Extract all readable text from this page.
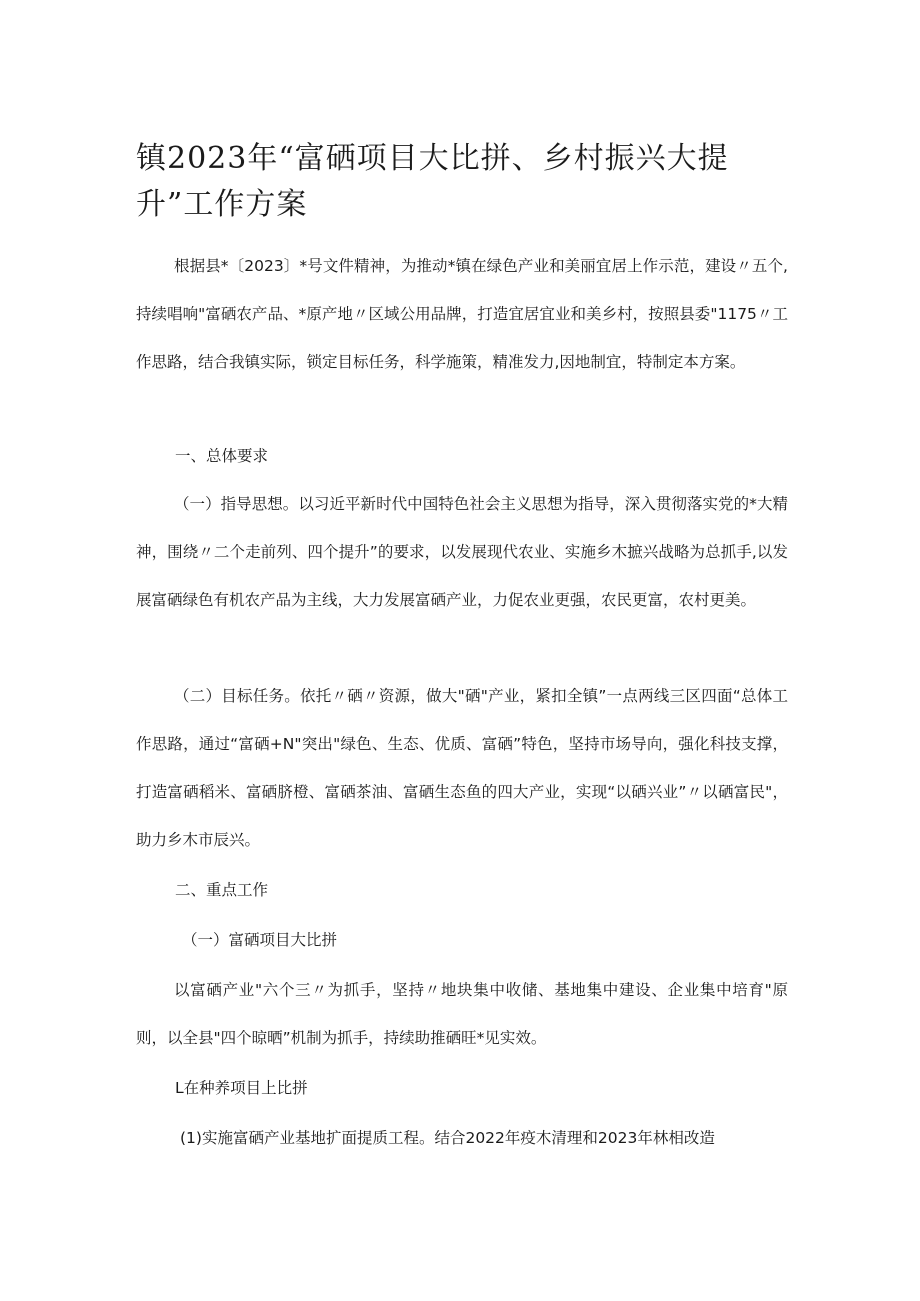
镇2023年“富硒项目大比拼、乡村振兴大提升”工作方案

根据县*〔2023〕*号文件精神，为推动*镇在绿色产业和美丽宜居上作示范，建设〃五个,持续唱响"富硒农产品、*原产地〃区域公用品牌，打造宜居宜业和美乡村，按照县委"1175〃工作思路，结合我镇实际，锁定目标任务，科学施策，精准发力,因地制宜，特制定本方案。

一、总体要求

（一）指导思想。以习近平新时代中国特色社会主义思想为指导，深入贯彻落实党的*大精神，围绕〃二个走前列、四个提升”的要求，以发展现代农业、实施乡木摭兴战略为总抓手,以发展富硒绿色有机农产品为主线，大力发展富硒产业，力促农业更强，农民更富，农村更美。

（二）目标任务。依托〃硒〃资源，做大"硒"产业，紧扣全镇”一点两线三区四面“总体工作思路，通过“富硒+N"突出"绿色、生态、优质、富硒”特色，坚持市场导向，强化科技支撑，打造富硒稻米、富硒脐橙、富硒茶油、富硒生态鱼的四大产业，实现“以硒兴业”〃以硒富民"，助力乡木市辰兴。

二、重点工作

（一）富硒项目大比拼

以富硒产业"六个三〃为抓手，坚持〃地块集中收储、基地集中建设、企业集中培育"原则，以全县"四个晾晒”机制为抓手，持续助推硒旺*见实效。

L在种养项目上比拼

(1)实施富硒产业基地扩面提质工程。结合2022年疫木清理和2023年林相改造
